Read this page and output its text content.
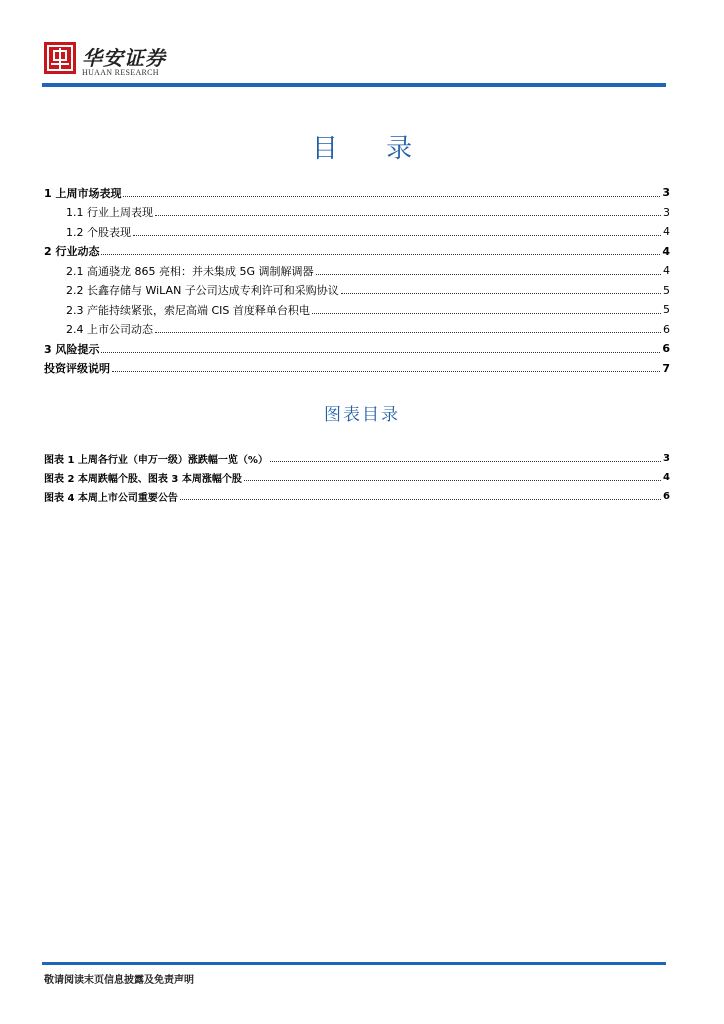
华安证券
HUAAN RESEARCH
目 录
1 上周市场表现	3
1.1 行业上周表现	3
1.2 个股表现	4
2 行业动态	4
2.1 高通骁龙 865 亮相：并未集成 5G 调制解调器	4
2.2 长鑫存储与 WiLAN 子公司达成专利许可和采购协议	5
2.3 产能持续紧张，索尼高端 CIS 首度释单台积电	5
2.4 上市公司动态	6
3 风险提示	6
投资评级说明	7
图表目录
图表 1 上周各行业（申万一级）涨跌幅一览（%）	3
图表 2 本周跌幅个股、图表 3 本周涨幅个股	4
图表 4 本周上市公司重要公告	6
敬请阅读末页信息披露及免责声明
